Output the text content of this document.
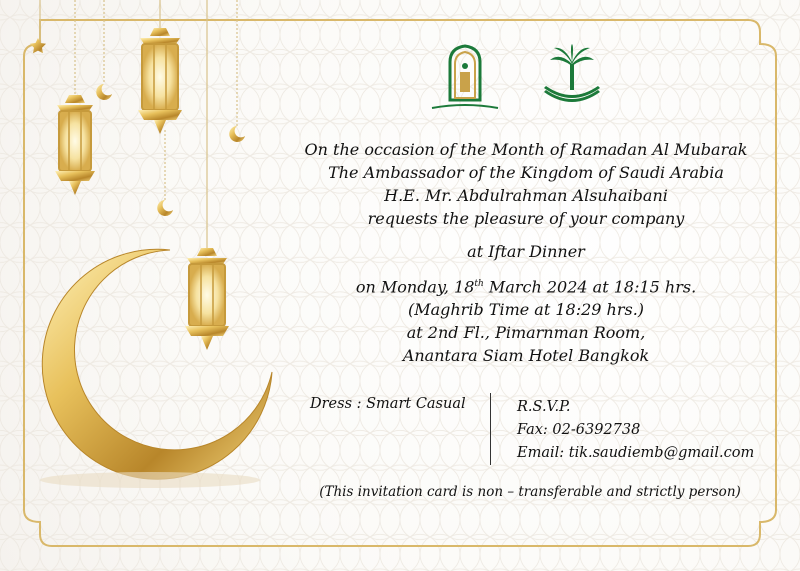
On the occasion of the Month of Ramadan Al Mubarak
The Ambassador of the Kingdom of Saudi Arabia
H.E. Mr. Abdulrahman Alsuhaibani
requests the pleasure of your company
at Iftar Dinner
on Monday, 18th March 2024 at 18:15 hrs.
(Maghrib Time at 18:29 hrs.)
at 2nd Fl., Pimarnman Room,
Anantara Siam Hotel Bangkok
Dress : Smart Casual	R.S.V.P.
Fax: 02-6392738
Email: tik.saudiemb@gmail.com
(This invitation card is non – transferable and strictly person)
